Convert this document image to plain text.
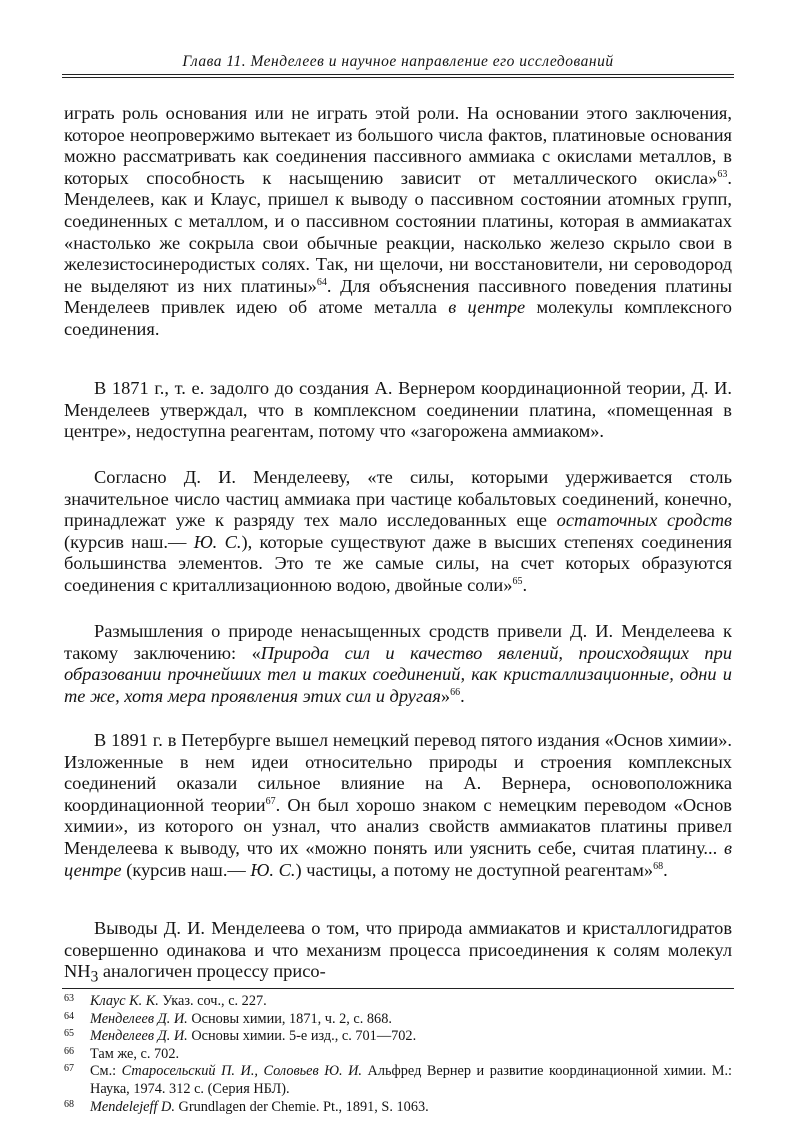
Глава 11. Менделеев и научное направление его исследований
играть роль основания или не играть этой роли. На основании этого заключения, которое неопровержимо вытекает из большого числа фактов, платиновые основания можно рассматривать как соединения пассивного аммиака с окислами металлов, в которых способность к насыщению зависит от металлического окисла»$^{63}$. Менделеев, как и Клаус, пришел к выводу о пассивном состоянии атомных групп, соединенных с металлом, и о пассивном состоянии платины, которая в аммиакатах «настолько же сокрыла свои обычные реакции, насколько железо скрыло свои в железистосинеродистых солях. Так, ни щелочи, ни восстановители, ни сероводород не выделяют из них платины»$^{64}$. Для объяснения пассивного поведения платины Менделеев привлек идею об атоме металла в центре молекулы комплексного соединения.
В 1871 г., т. е. задолго до создания А. Вернером координационной теории, Д. И. Менделеев утверждал, что в комплексном соединении платина, «помещенная в центре», недоступна реагентам, потому что «загорожена аммиаком».
Согласно Д. И. Менделееву, «те силы, которыми удерживается столь значительное число частиц аммиака при частице кобальтовых соединений, конечно, принадлежат уже к разряду тех мало исследованных еще остаточных сродств (курсив наш.— Ю. С.), которые существуют даже в высших степенях соединения большинства элементов. Это те же самые силы, на счет которых образуются соединения с криталлизационною водою, двойные соли»$^{65}$.
Размышления о природе ненасыщенных сродств привели Д. И. Менделеева к такому заключению: «Природа сил и качество явлений, происходящих при образовании прочнейших тел и таких соединений, как кристаллизационные, одни и те же, хотя мера проявления этих сил и другая»$^{66}$.
В 1891 г. в Петербурге вышел немецкий перевод пятого издания «Основ химии». Изложенные в нем идеи относительно природы и строения комплексных соединений оказали сильное влияние на А. Вернера, основоположника координационной теории$^{67}$. Он был хорошо знаком с немецким переводом «Основ химии», из которого он узнал, что анализ свойств аммиакатов платины привел Менделеева к выводу, что их «можно понять или уяснить себе, считая платину... в центре (курсив наш.— Ю. С.) частицы, а потому не доступной реагентам»$^{68}$.
Выводы Д. И. Менделеева о том, что природа аммиакатов и кристаллогидратов совершенно одинакова и что механизм процесса присоединения к солям молекул $NH_3$ аналогичен процессу присо-
63 Клаус К. К. Указ. соч., с. 227.
64 Менделеев Д. И. Основы химии, 1871, ч. 2, с. 868.
65 Менделеев Д. И. Основы химии. 5-е изд., с. 701—702.
66 Там же, с. 702.
67 См.: Старосельский П. И., Соловьев Ю. И. Альфред Вернер и развитие координационной химии. М.: Наука, 1974. 312 с. (Серия НБЛ).
68 Mendelejeff D. Grundlagen der Chemie. Pt., 1891, S. 1063.
